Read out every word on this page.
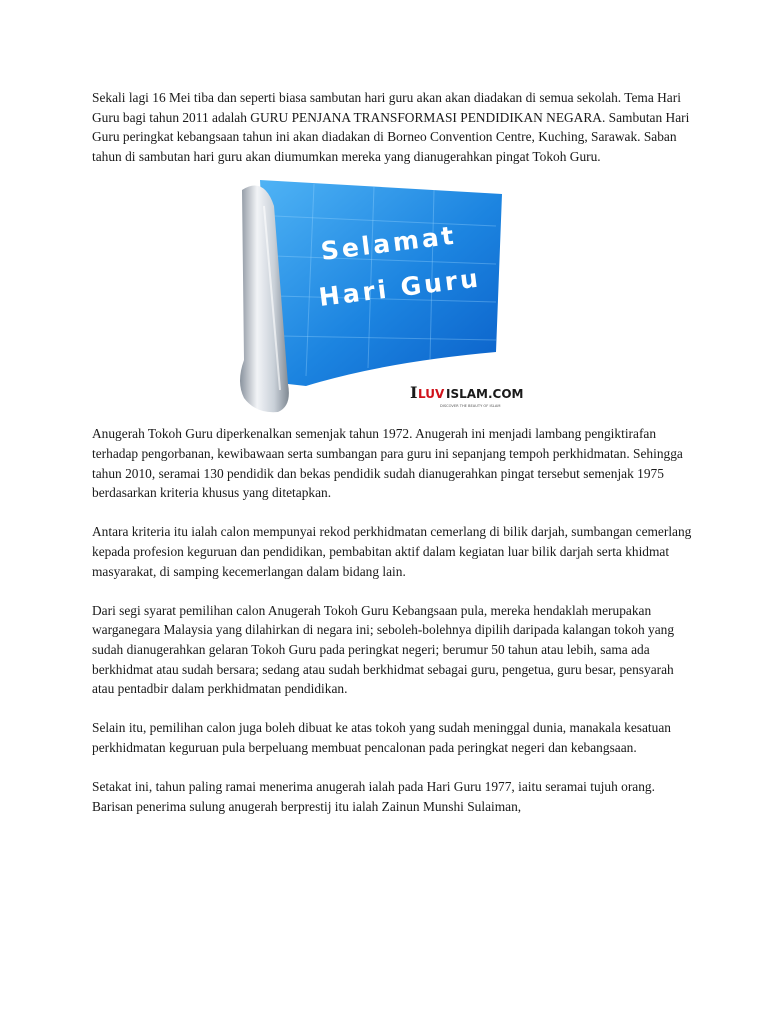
Sekali lagi 16 Mei tiba dan seperti biasa sambutan hari guru akan akan diadakan di semua sekolah. Tema Hari Guru bagi tahun 2011 adalah GURU PENJANA TRANSFORMASI PENDIDIKAN NEGARA. Sambutan Hari Guru peringkat kebangsaan tahun ini akan diadakan di Borneo Convention Centre, Kuching, Sarawak. Saban tahun di sambutan hari guru akan diumumkan mereka yang dianugerahkan pingat Tokoh Guru.

Selamat
Hari Guru
I LUV ISLAM.COM
DISCOVER THE BEAUTY OF ISLAM

Anugerah Tokoh Guru diperkenalkan semenjak tahun 1972. Anugerah ini menjadi lambang pengiktirafan terhadap pengorbanan, kewibawaan serta sumbangan para guru ini sepanjang tempoh perkhidmatan. Sehingga tahun 2010, seramai 130 pendidik dan bekas pendidik sudah dianugerahkan pingat tersebut semenjak 1975 berdasarkan kriteria khusus yang ditetapkan.

Antara kriteria itu ialah calon mempunyai rekod perkhidmatan cemerlang di bilik darjah, sumbangan cemerlang kepada profesion keguruan dan pendidikan, pembabitan aktif dalam kegiatan luar bilik darjah serta khidmat masyarakat, di samping kecemerlangan dalam bidang lain.

Dari segi syarat pemilihan calon Anugerah Tokoh Guru Kebangsaan pula, mereka hendaklah merupakan warganegara Malaysia yang dilahirkan di negara ini; seboleh-bolehnya dipilih daripada kalangan tokoh yang sudah dianugerahkan gelaran Tokoh Guru pada peringkat negeri; berumur 50 tahun atau lebih, sama ada berkhidmat atau sudah bersara; sedang atau sudah berkhidmat sebagai guru, pengetua, guru besar, pensyarah atau pentadbir dalam perkhidmatan pendidikan.

Selain itu, pemilihan calon juga boleh dibuat ke atas tokoh yang sudah meninggal dunia, manakala kesatuan perkhidmatan keguruan pula berpeluang membuat pencalonan pada peringkat negeri dan kebangsaan.

Setakat ini, tahun paling ramai menerima anugerah ialah pada Hari Guru 1977, iaitu seramai tujuh orang. Barisan penerima sulung anugerah berprestij itu ialah Zainun Munshi Sulaiman,
